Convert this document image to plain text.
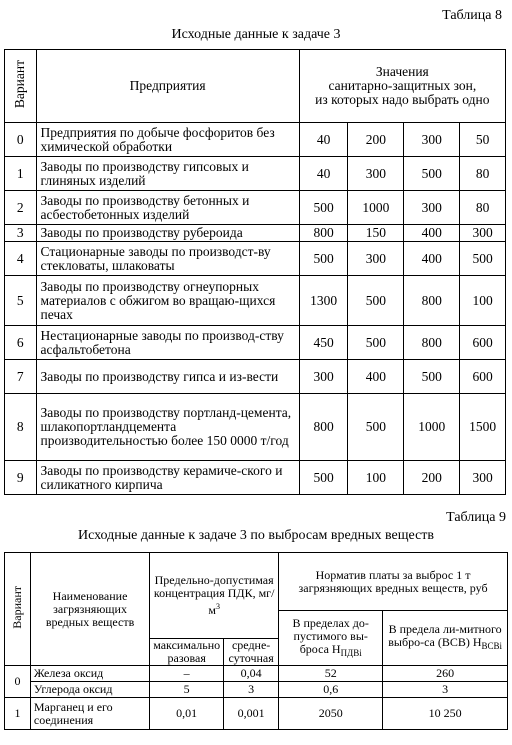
Таблица 8
Исходные данные к задаче 3
Вариант	Предприятия	Значения
санитарно-защитных зон,
из которых надо выбрать одно			

0	Предприятия по добыче фосфоритов без химической обработки	40	200	300	50
1	Заводы по производству гипсовых и глиняных изделий	40	300	500	80
2	Заводы по производству бетонных и асбестобетонных изделий	500	1000	300	80
3	Заводы по производству рубероида	800	150	400	300
4	Стационарные заводы по производст-ву стекловаты, шлаковаты	500	300	400	500
5	Заводы по производству огнеупорных материалов с обжигом во вращаю-щихся печах	1300	500	800	100
6	Нестационарные заводы по производ-ству асфальтобетона	450	500	800	600
7	Заводы по производству гипса и из-вести	300	400	500	600
8	Заводы по производству портланд-цемента, шлакопортландцемента производительностью более 150 0000 т/год	800	500	1000	1500
9	Заводы по производству керамиче-ского и силикатного кирпича	500	100	200	300
Таблица 9
Исходные данные к задаче 3 по выбросам вредных веществ
Вариант	Наименование загрязняющих вредных веществ	Предельно-допустимая концентрация ПДК, $мг/м^3$		Норматив платы за выброс 1 т загрязняющих вредных веществ, руб	
				В пределах до-пустимого вы-броса $Н_{ПДВi}$	В предела ли-митного выбро-са (ВСВ) $Н_{ВСВi}$
		максимально разовая	средне-суточная		
0	Железа оксид	–	0,04	52	260
	Углерода оксид	5	3	0,6	3
1	Марганец и его соединения	0,01	0,001	2050	10 250
